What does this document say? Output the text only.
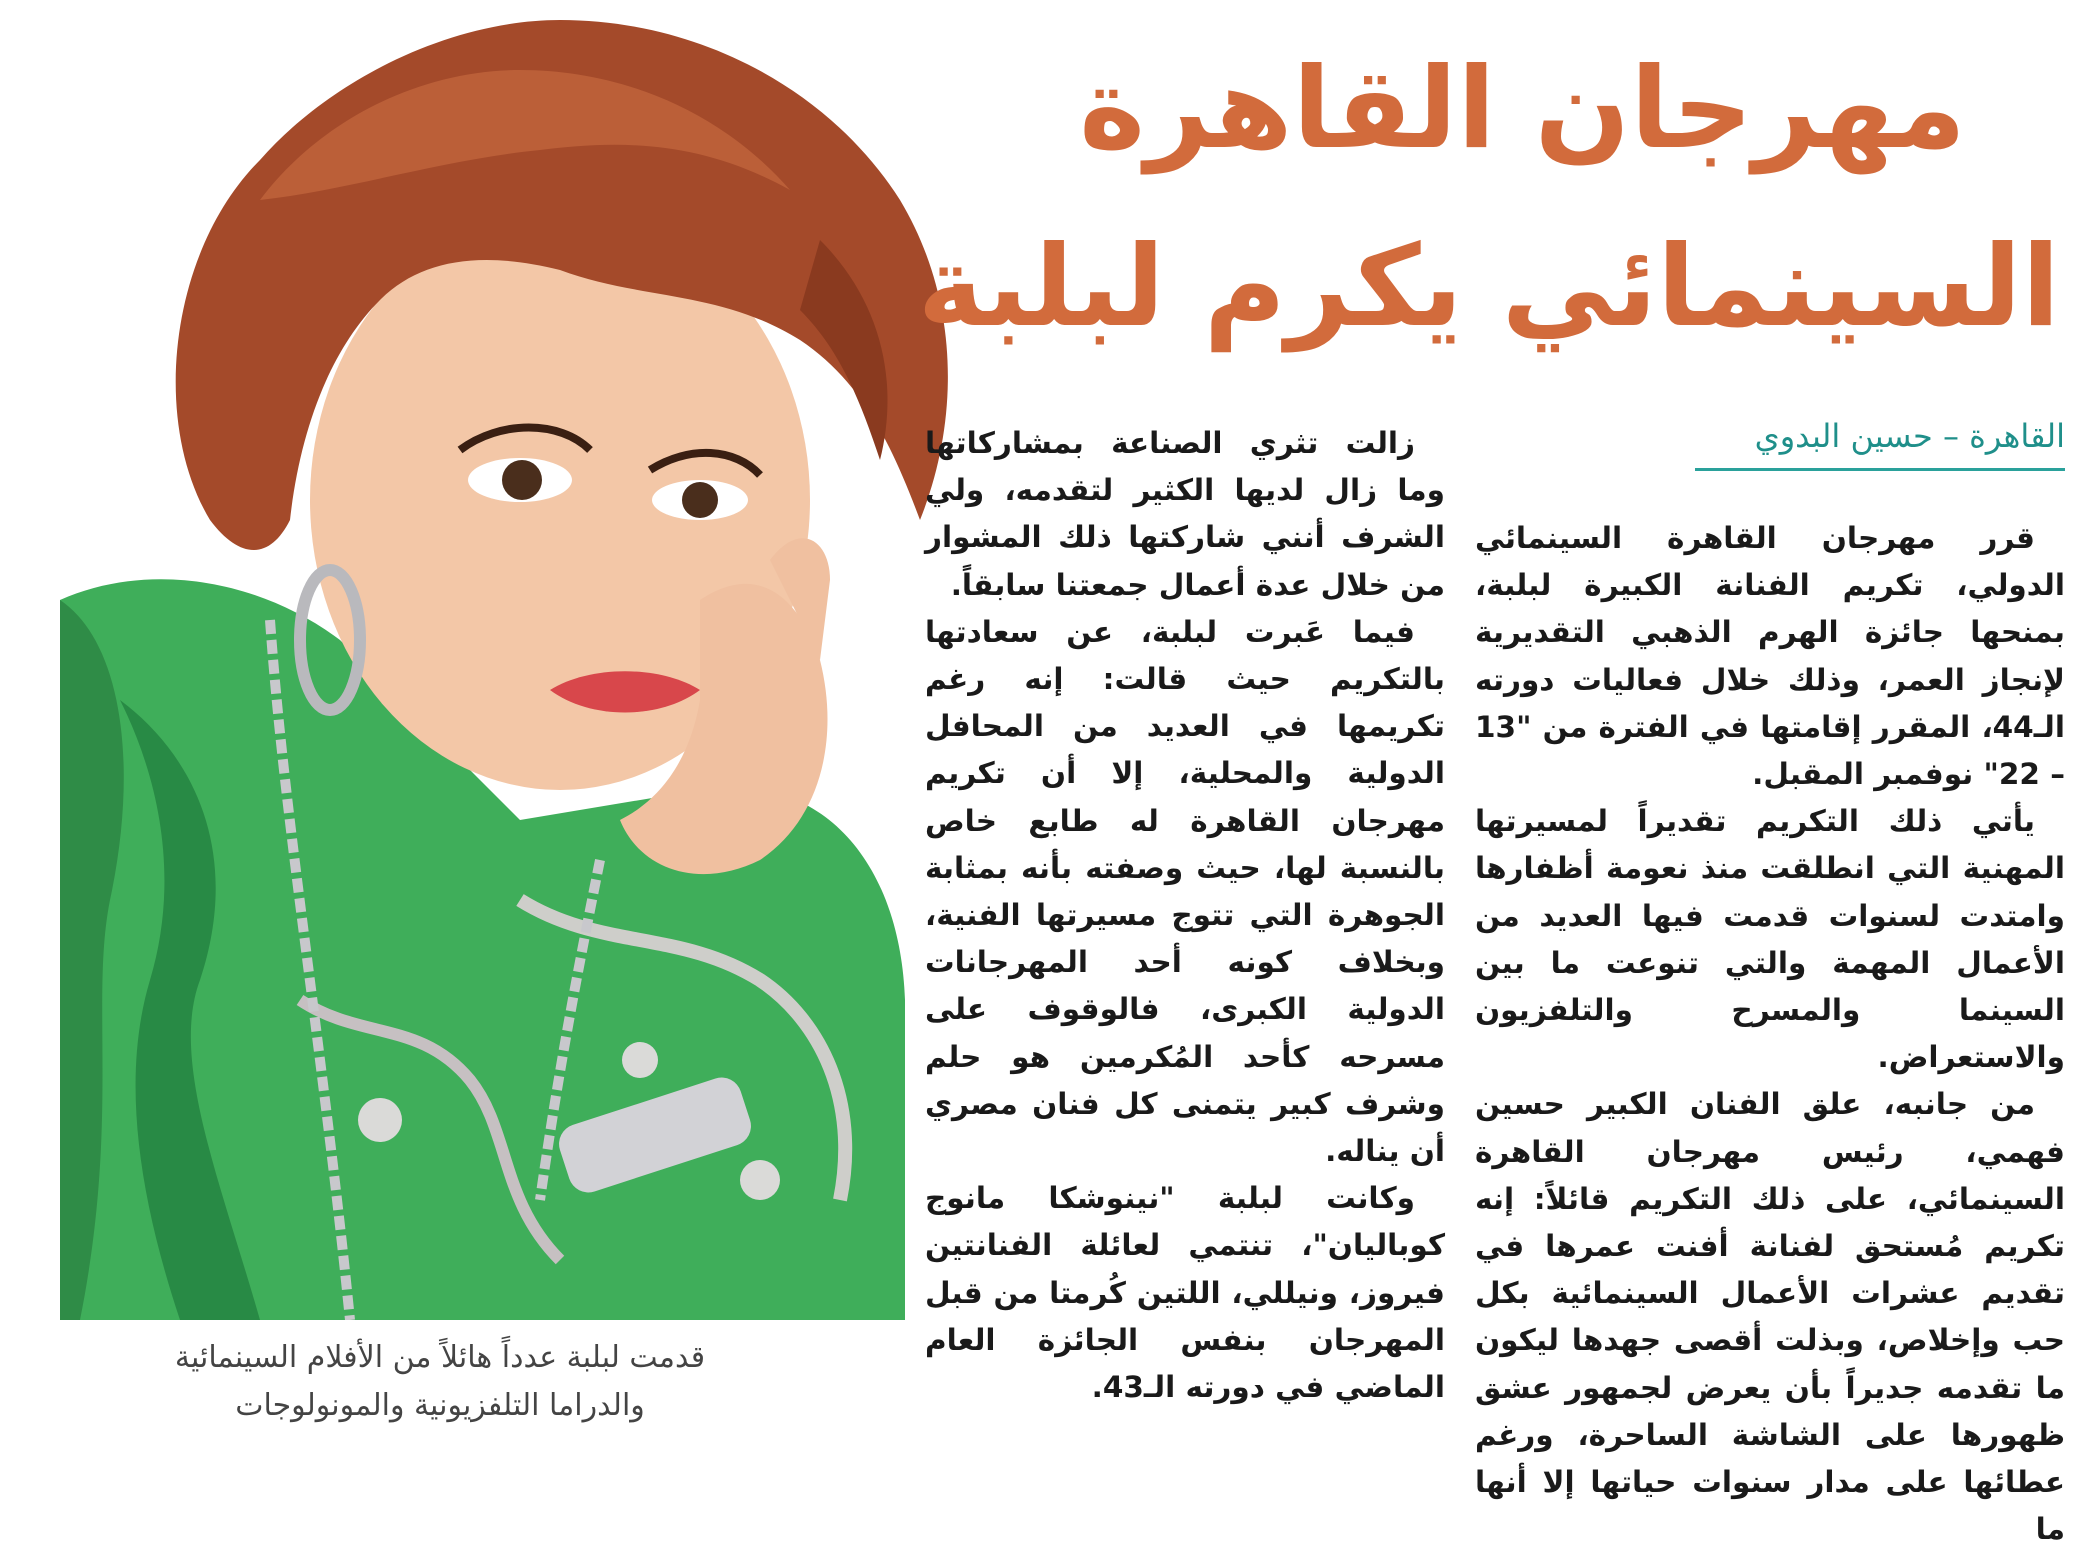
قدمت لبلبة عدداً هائلاً من الأفلام السينمائية
والدراما التلفزيونية والمونولوجات
مهرجان القاهرة
السينمائي يكرم لبلبة
القاهرة – حسين البدوي

قرر مهرجان القاهرة السينمائي الدولي، تكريم الفنانة الكبيرة لبلبة، بمنحها جائزة الهرم الذهبي التقديرية لإنجاز العمر، وذلك خلال فعاليات دورته الـ44، المقرر إقامتها في الفترة من "13 – 22" نوفمبر المقبل.

يأتي ذلك التكريم تقديراً لمسيرتها المهنية التي انطلقت منذ نعومة أظفارها وامتدت لسنوات قدمت فيها العديد من الأعمال المهمة والتي تنوعت ما بين السينما والمسرح والتلفزيون والاستعراض.

من جانبه، علق الفنان الكبير حسين فهمي، رئيس مهرجان القاهرة السينمائي، على ذلك التكريم قائلاً: إنه تكريم مُستحق لفنانة أفنت عمرها في تقديم عشرات الأعمال السينمائية بكل حب وإخلاص، وبذلت أقصى جهدها ليكون ما تقدمه جديراً بأن يعرض لجمهور عشق ظهورها على الشاشة الساحرة، ورغم عطائها على مدار سنوات حياتها إلا أنها ما

زالت تثري الصناعة بمشاركاتها وما زال لديها الكثير لتقدمه، ولي الشرف أنني شاركتها ذلك المشوار من خلال عدة أعمال جمعتنا سابقاً.

فيما عَبرت لبلبة، عن سعادتها بالتكريم حيث قالت: إنه رغم تكريمها في العديد من المحافل الدولية والمحلية، إلا أن تكريم مهرجان القاهرة له طابع خاص بالنسبة لها، حيث وصفته بأنه بمثابة الجوهرة التي تتوج مسيرتها الفنية، وبخلاف كونه أحد المهرجانات الدولية الكبرى، فالوقوف على مسرحه كأحد المُكرمين هو حلم وشرف كبير يتمنى كل فنان مصري أن يناله.

وكانت لبلبة "نينوشكا مانوج كوباليان"، تنتمي لعائلة الفنانتين فيروز، ونيللي، اللتين كُرمتا من قبل المهرجان بنفس الجائزة العام الماضي في دورته الـ43.
